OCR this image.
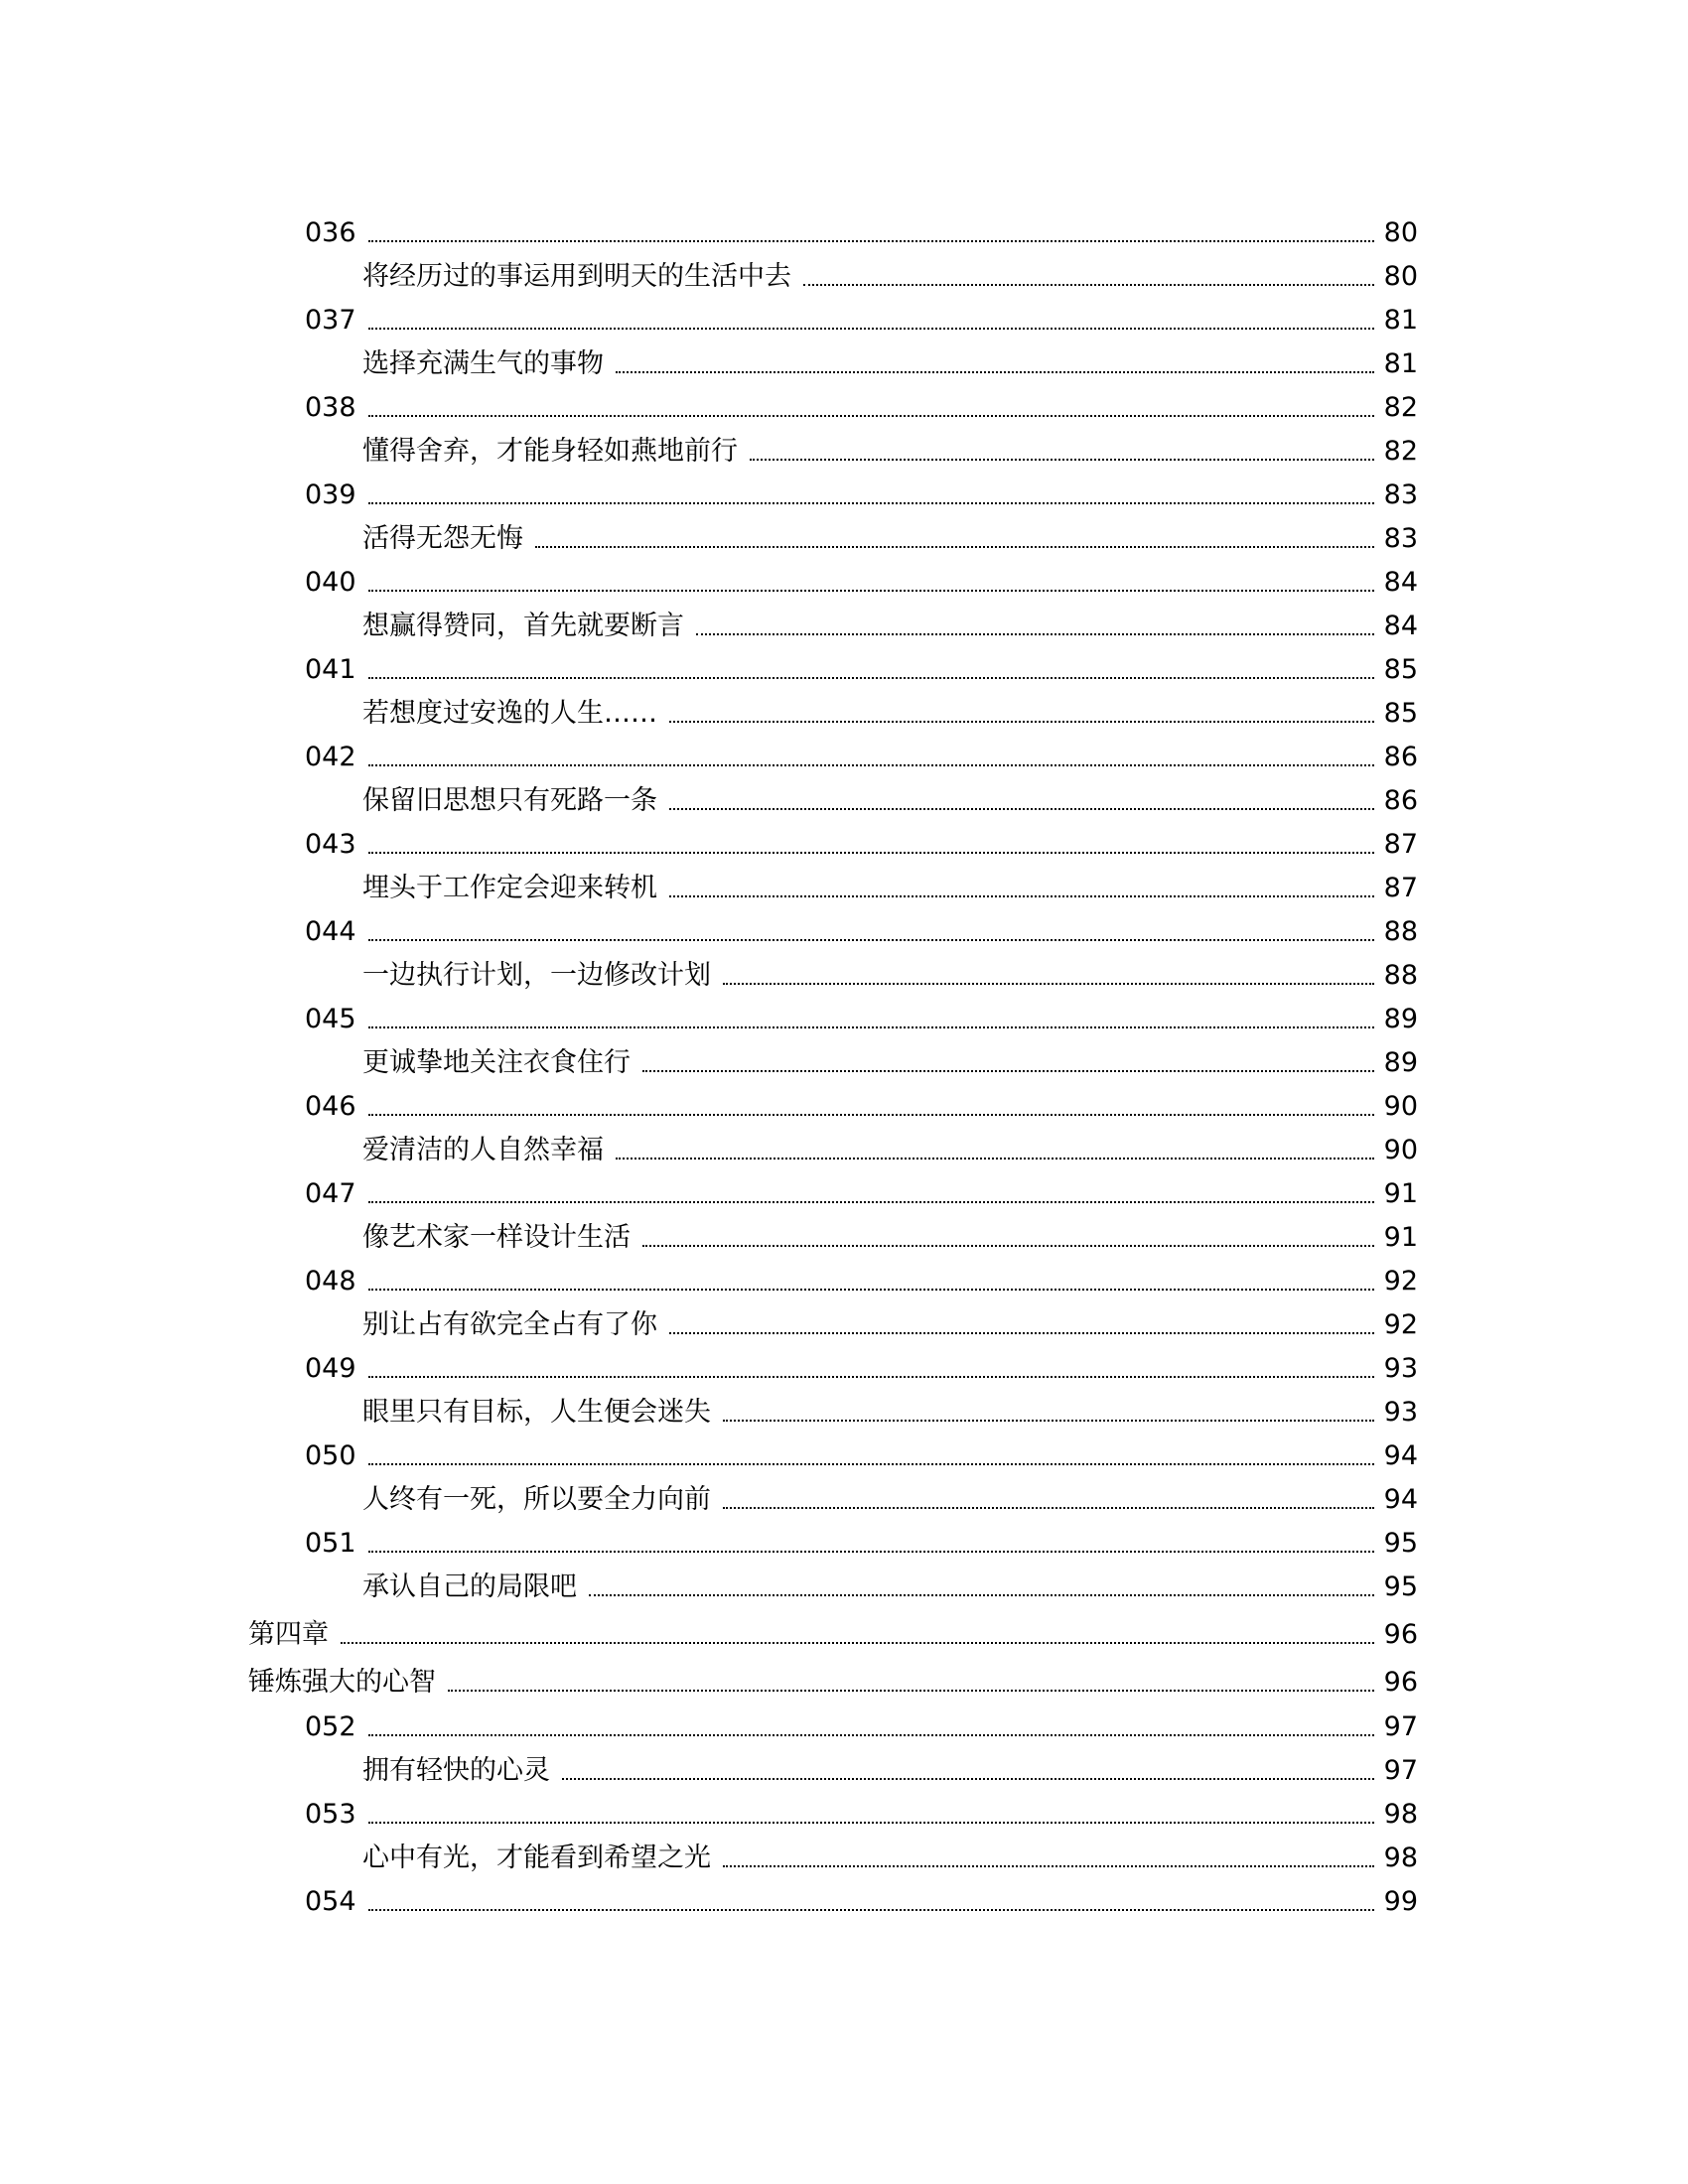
036	80
将经历过的事运用到明天的生活中去	80
037	81
选择充满生气的事物	81
038	82
懂得舍弃，才能身轻如燕地前行	82
039	83
活得无怨无悔	83
040	84
想赢得赞同，首先就要断言	84
041	85
若想度过安逸的人生……	85
042	86
保留旧思想只有死路一条	86
043	87
埋头于工作定会迎来转机	87
044	88
一边执行计划，一边修改计划	88
045	89
更诚挚地关注衣食住行	89
046	90
爱清洁的人自然幸福	90
047	91
像艺术家一样设计生活	91
048	92
别让占有欲完全占有了你	92
049	93
眼里只有目标，人生便会迷失	93
050	94
人终有一死，所以要全力向前	94
051	95
承认自己的局限吧	95
第四章	96
锤炼强大的心智	96
052	97
拥有轻快的心灵	97
053	98
心中有光，才能看到希望之光	98
054	99
